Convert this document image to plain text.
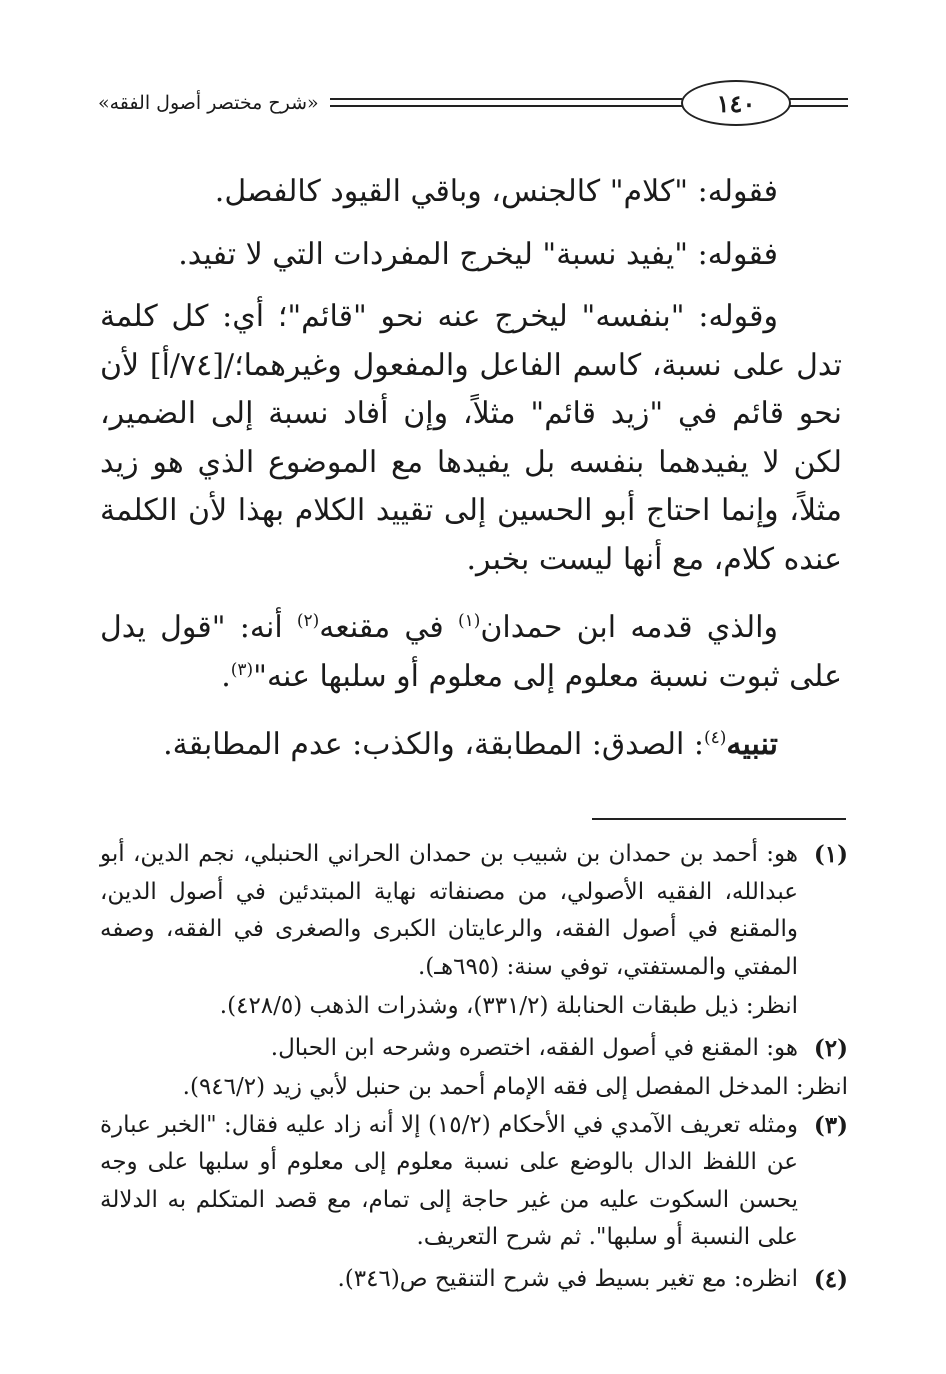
«شرح مختصر أصول الفقه»	١٤٠

فقوله: "كلام" كالجنس، وباقي القيود كالفصل.

فقوله: "يفيد نسبة" ليخرج المفردات التي لا تفيد.

وقوله: "بنفسه" ليخرج عنه نحو "قائم"؛ أي: كل كلمة تدل على نسبة، كاسم الفاعل والمفعول وغيرهما؛/[٧٤/أ] لأن نحو قائم في "زيد قائم" مثلاً، وإن أفاد نسبة إلى الضمير، لكن لا يفيدهما بنفسه بل يفيدها مع الموضوع الذي هو زيد مثلاً، وإنما احتاج أبو الحسين إلى تقييد الكلام بهذا لأن الكلمة عنده كلام، مع أنها ليست بخبر.

والذي قدمه ابن حمدان$^{(١)}$ في مقنعه$^{(٢)}$ أنه: "قول يدل على ثبوت نسبة معلوم إلى معلوم أو سلبها عنه"$^{(٣)}$.

تنبيه$^{(٤)}$: الصدق: المطابقة، والكذب: عدم المطابقة.

(١)

هو: أحمد بن حمدان بن شبيب بن حمدان الحراني الحنبلي، نجم الدين، أبو عبدالله، الفقيه الأصولي، من مصنفاته نهاية المبتدئين في أصول الدين، والمقنع في أصول الفقه، والرعايتان الكبرى والصغرى في الفقه، وصفه المفتي والمستفتي، توفي سنة: (٦٩٥هـ).

انظر: ذيل طبقات الحنابلة (٣٣١/٢)، وشذرات الذهب (٤٢٨/٥).

(٢)

هو: المقنع في أصول الفقه، اختصره وشرحه ابن الحبال.

انظر: المدخل المفصل إلى فقه الإمام أحمد بن حنبل لأبي زيد (٩٤٦/٢).

(٣)

ومثله تعريف الآمدي في الأحكام (١٥/٢) إلا أنه زاد عليه فقال: "الخبر عبارة عن اللفظ الدال بالوضع على نسبة معلوم إلى معلوم أو سلبها على وجه يحسن السكوت عليه من غير حاجة إلى تمام، مع قصد المتكلم به الدلالة على النسبة أو سلبها". ثم شرح التعريف.

(٤)

انظره: مع تغير بسيط في شرح التنقيح ص(٣٤٦).
